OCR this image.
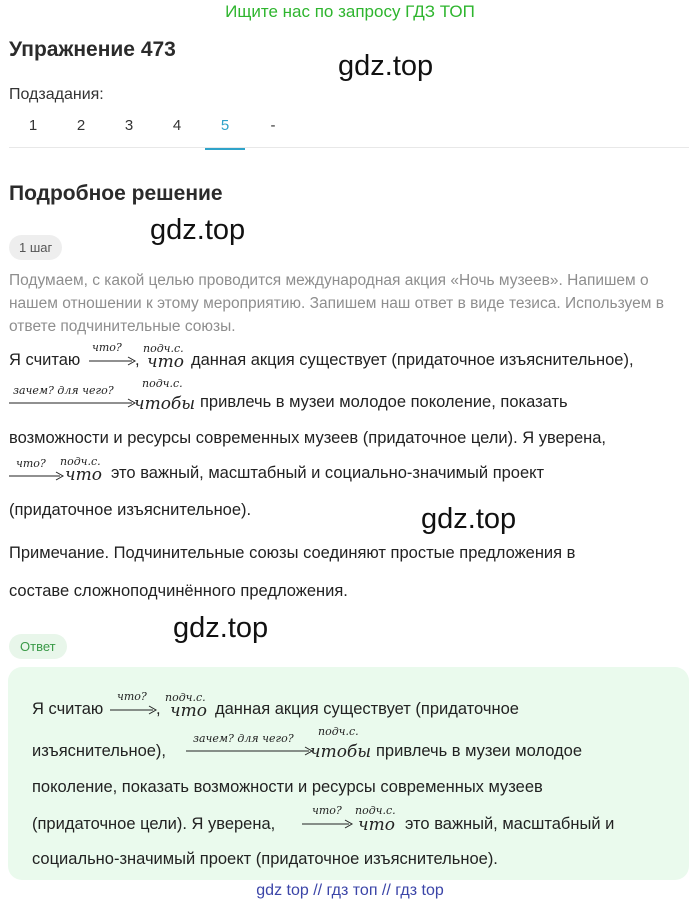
Ищите нас по запросу ГДЗ ТОП
Упражнение 473
gdz.top
Подзадания:
1	2	3	4	5	-
Подробное решение
1 шаг
gdz.top
Подумаем, с какой целью проводится международная акция «Ночь музеев». Напишем о нашем отношении к этому мероприятию. Запишем наш ответ в виде тезиса. Используем в ответе подчинительные союзы.
Я считаю
что?
,
подч.с.
что данная акция существует (придаточное изъяснительное),
зачем? для чего?
подч.с.
чтобы привлечь в музеи молодое поколение, показать
возможности и ресурсы современных музеев (придаточное цели). Я уверена,
что? подч.с.
что это важный, масштабный и социально-значимый проект
(придаточное изъяснительное).	gdz.top
Примечание. Подчинительные союзы соединяют простые предложения в
составе сложноподчинённого предложения.
Ответ
gdz.top
Я считаю
что?
,
подч.с.
что данная акция существует (придаточное
изъяснительное),
зачем? для чего?
подч.с.
чтобы привлечь в музеи молодое
поколение, показать возможности и ресурсы современных музеев
(придаточное цели). Я уверена,
что? подч.с.
что это важный, масштабный и
социально-значимый проект (придаточное изъяснительное).
gdz top // гдз топ // гдз top
